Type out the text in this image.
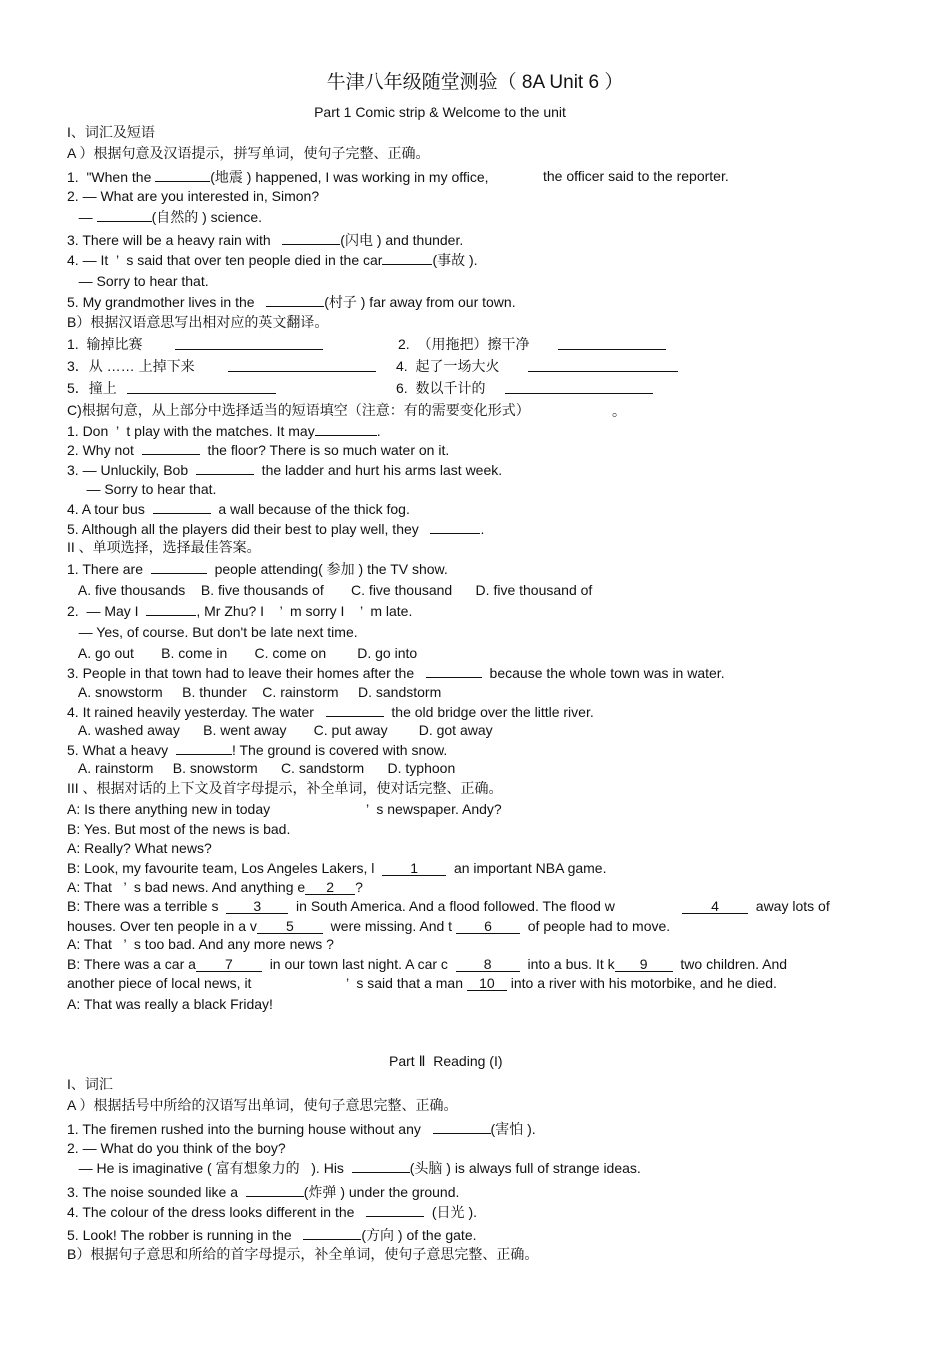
牛津八年级随堂测验（ 8A Unit 6 ）
Part 1 Comic strip & Welcome to the unit
I、词汇及短语
A ）根据句意及汉语提示，拼写单词，使句子完整、正确。
1.  "When the	(地震 ) happened, I was working in my office,	the officer said to the reporter.
2. — What are you interested in, Simon?
—	(自然的 ) science.
3. There will be a heavy rain with	(闪电 ) and thunder.
4. — It  ’  s said that over ten people died in the car	(事故 ).
— Sorry to hear that.
5. My grandmother lives in the	(村子 ) far away from our town.
B）根据汉语意思写出相对应的英文翻译。
1.  输掉比赛	2.  （用拖把）擦干净
3．从 …… 上掉下来	4.  起了一场大火
5．撞上	6.  数以千计的
C)根据句意，从上部分中选择适当的短语填空（注意：有的需要变化形式）	。
1. Don  ’  t play with the matches. It may	.
2. Why not	the floor? There is so much water on it.
3. — Unluckily, Bob	the ladder and hurt his arms last week.
— Sorry to hear that.
4. A tour bus	a wall because of the thick fog.
5. Although all the players did their best to play well, they	.
II 、单项选择，选择最佳答案。
1. There are	people attending( 参加 ) the TV show.
A. five thousands    B. five thousands of       C. five thousand      D. five thousand of
2.  — May I	, Mr Zhu? I    ’  m sorry I    ’  m late.
— Yes, of course. But don't be late next time.
A. go out       B. come in       C. come on        D. go into
3. People in that town had to leave their homes after the	because the whole town was in water.
A. snowstorm     B. thunder    C. rainstorm     D. sandstorm
4. It rained heavily yesterday. The water	the old bridge over the little river.
A. washed away      B. went away       C. put away        D. got away
5. What a heavy	! The ground is covered with snow.
A. rainstorm     B. snowstorm      C. sandstorm      D. typhoon
III 、根据对话的上下文及首字母提示，补全单词，使对话完整、正确。
A: Is there anything new in today	’  s newspaper. Andy?
B: Yes. But most of the news is bad.
A: Really? What news?
B: Look, my favourite team, Los Angeles Lakers, l  1  an important NBA game.
A: That   ’  s bad news. And anything e 2 ?
B: There was a terrible s  3  in South America. And a flood followed. The flood w	4	away lots of
houses. Over ten people in a v 5  were missing. And t 6  of people had to move.
A: That   ’  s too bad. And any more news ?
B: There was a car a 7  in our town last night. A car c  8  into a bus. It k 9  two children. And
another piece of local news, it	’  s said that a man 10 into a river with his motorbike, and he died.
A: That was really a black Friday!
Part Ⅱ  Reading (I)
I、词汇
A ）根据括号中所给的汉语写出单词，使句子意思完整、正确。
1. The firemen rushed into the burning house without any	(害怕 ).
2. — What do you think of the boy?
— He is imaginative ( 富有想象力的   ). His	(头脑 ) is always full of strange ideas.
3. The noise sounded like a	(炸弹 ) under the ground.
4. The colour of the dress looks different in the	(日光 ).
5. Look! The robber is running in the	(方向 ) of the gate.
B）根据句子意思和所给的首字母提示，补全单词，使句子意思完整、正确。
